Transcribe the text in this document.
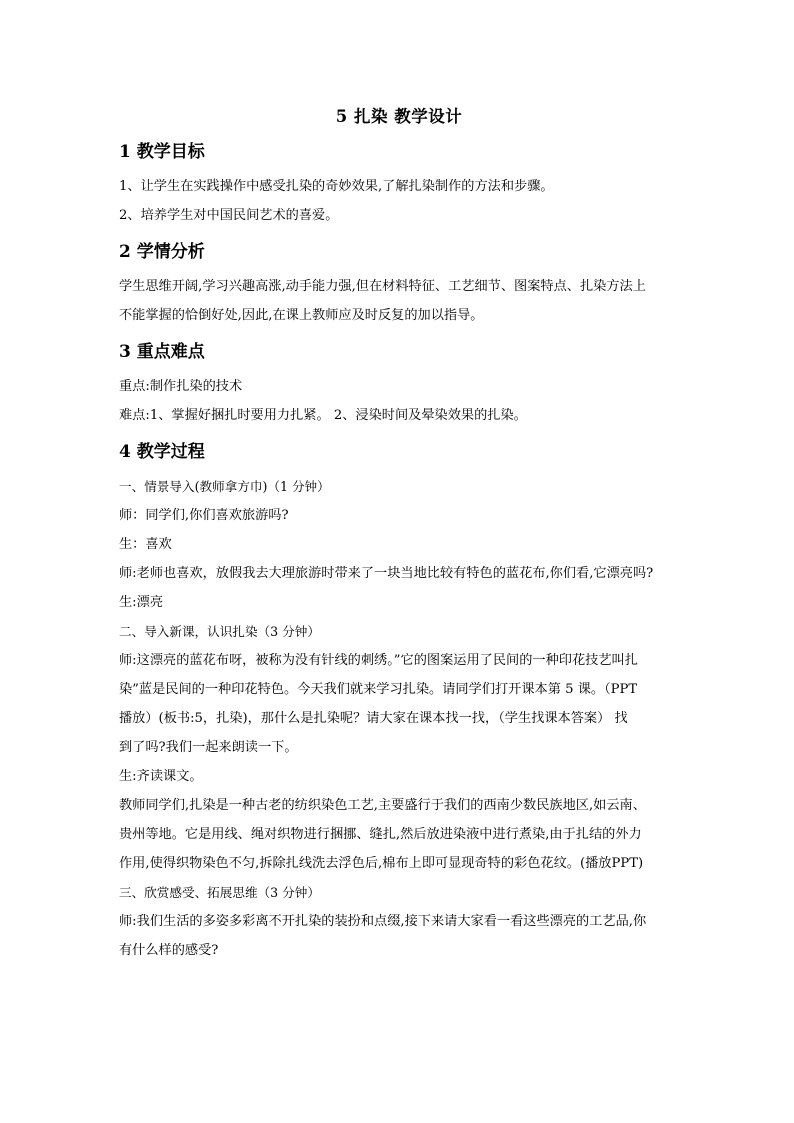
5 扎染 教学设计
1 教学目标
1、让学生在实践操作中感受扎染的奇妙效果,了解扎染制作的方法和步骤。
2、培养学生对中国民间艺术的喜爱。
2 学情分析
学生思维开阔,学习兴趣高涨,动手能力强,但在材料特征、工艺细节、图案特点、扎染方法上
不能掌握的恰倒好处,因此,在课上教师应及时反复的加以指导。
3 重点难点
重点:制作扎染的技术
难点:1、掌握好捆扎时要用力扎紧。 2、浸染时间及晕染效果的扎染。
4 教学过程
一、情景导入(教师拿方巾)（1 分钟）
师：同学们,你们喜欢旅游吗?
生：喜欢
师:老师也喜欢，放假我去大理旅游时带来了一块当地比较有特色的蓝花布,你们看,它漂亮吗?
生:漂亮
二、导入新课，认识扎染（3 分钟）
师:这漂亮的蓝花布呀，被称为没有针线的刺绣。”它的图案运用了民间的一种印花技艺叫扎
染”蓝是民间的一种印花特色。今天我们就来学习扎染。请同学们打开课本第 5 课。（PPT
播放）(板书:5，扎染)，那什么是扎染呢？请大家在课本找一找，（学生找课本答案） 找
到了吗?我们一起来朗读一下。
生:齐读课文。
教师同学们,扎染是一种古老的纺织染色工艺,主要盛行于我们的西南少数民族地区,如云南、
贵州等地。它是用线、绳对织物进行捆挪、缝扎,然后放进染液中进行煮染,由于扎结的外力
作用,使得织物染色不匀,拆除扎线洗去浮色后,棉布上即可显现奇特的彩色花纹。(播放PPT)
三、欣赏感受、拓展思维（3 分钟）
师:我们生活的多姿多彩离不开扎染的装扮和点缀,接下来请大家看一看这些漂亮的工艺品,你
有什么样的感受?
